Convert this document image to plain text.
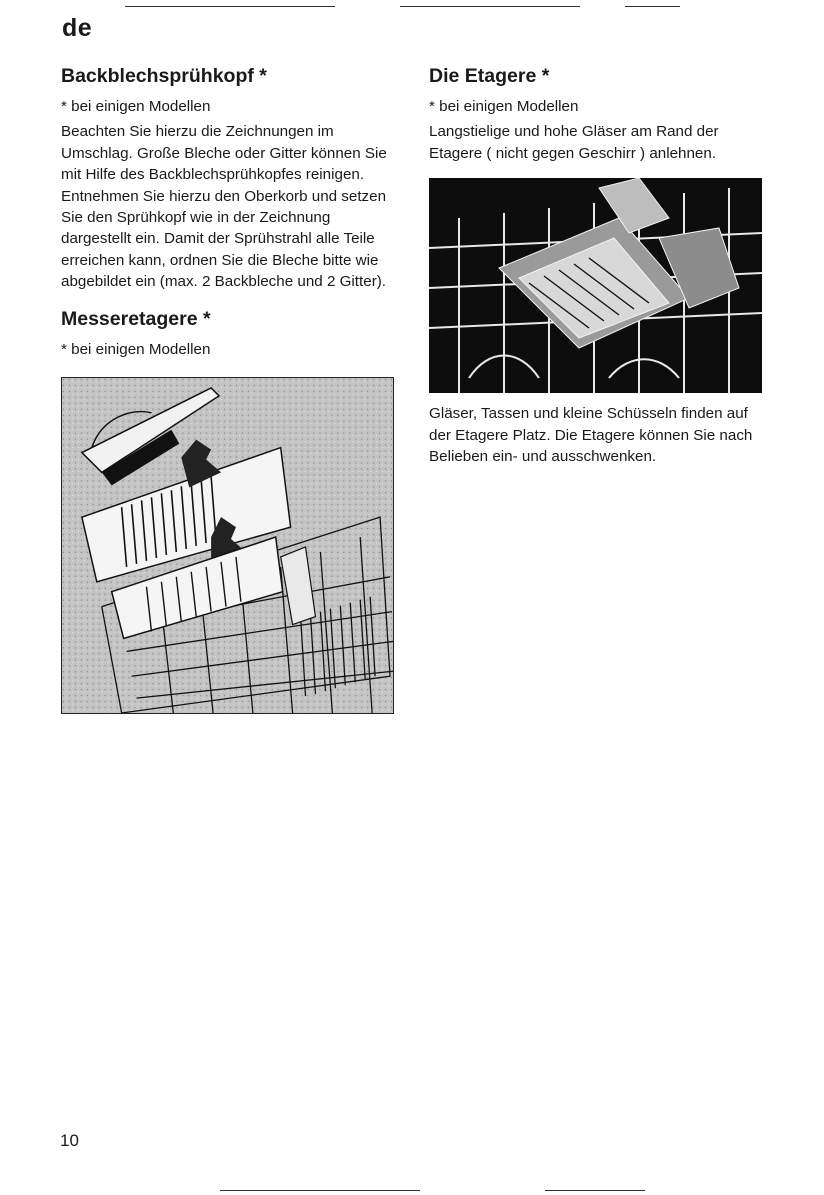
de
Backblechsprühkopf *

* bei einigen Modellen

Beachten Sie hierzu die Zeichnungen im Umschlag. Große Bleche oder Gitter können Sie mit Hilfe des Backblechsprühkopfes reinigen. Entnehmen Sie hierzu den Oberkorb und setzen Sie den Sprühkopf wie in der Zeichnung dargestellt ein. Damit der Sprühstrahl alle Teile erreichen kann, ordnen Sie die Bleche bitte wie abgebildet ein (max. 2 Backbleche und 2 Gitter).

Messeretagere *

* bei einigen Modellen

Die Etagere *

* bei einigen Modellen

Langstielige und hohe Gläser am Rand der Etagere ( nicht gegen Geschirr ) anlehnen.

Gläser, Tassen und kleine Schüsseln finden auf der Etagere Platz. Die Etagere können Sie nach Belieben ein- und ausschwenken.

10
